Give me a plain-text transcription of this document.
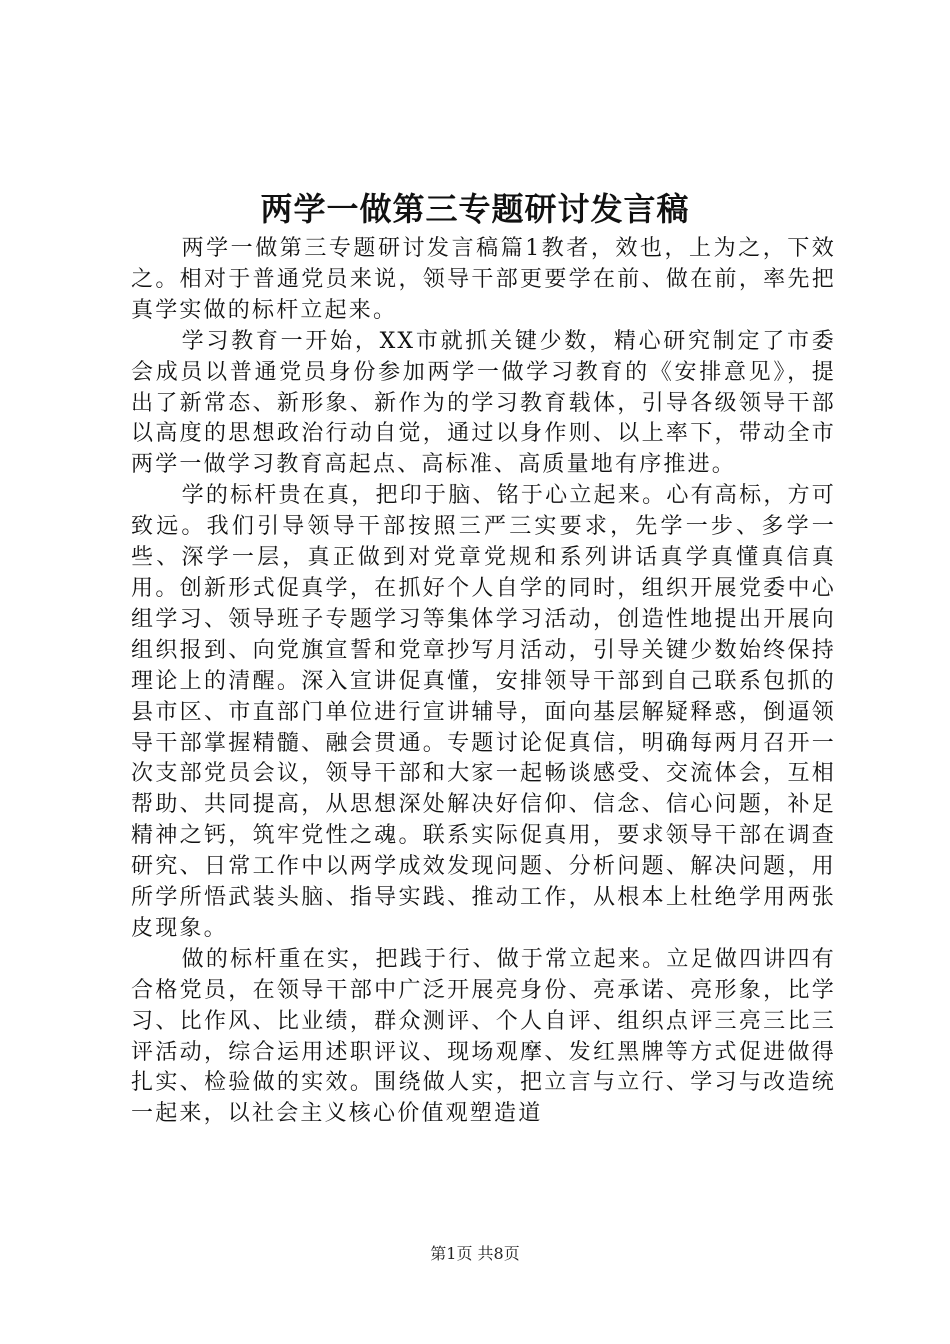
两学一做第三专题研讨发言稿

两学一做第三专题研讨发言稿篇1教者，效也，上为之，下效之。相对于普通党员来说，领导干部更要学在前、做在前，率先把真学实做的标杆立起来。

学习教育一开始，XX市就抓关键少数，精心研究制定了市委会成员以普通党员身份参加两学一做学习教育的《安排意见》，提出了新常态、新形象、新作为的学习教育载体，引导各级领导干部以高度的思想政治行动自觉，通过以身作则、以上率下，带动全市两学一做学习教育高起点、高标准、高质量地有序推进。

学的标杆贵在真，把印于脑、铭于心立起来。心有高标，方可致远。我们引导领导干部按照三严三实要求，先学一步、多学一些、深学一层，真正做到对党章党规和系列讲话真学真懂真信真用。创新形式促真学，在抓好个人自学的同时，组织开展党委中心组学习、领导班子专题学习等集体学习活动，创造性地提出开展向组织报到、向党旗宣誓和党章抄写月活动，引导关键少数始终保持理论上的清醒。深入宣讲促真懂，安排领导干部到自己联系包抓的县市区、市直部门单位进行宣讲辅导，面向基层解疑释惑，倒逼领导干部掌握精髓、融会贯通。专题讨论促真信，明确每两月召开一次支部党员会议，领导干部和大家一起畅谈感受、交流体会，互相帮助、共同提高，从思想深处解决好信仰、信念、信心问题，补足精神之钙，筑牢党性之魂。联系实际促真用，要求领导干部在调查研究、日常工作中以两学成效发现问题、分析问题、解决问题，用所学所悟武装头脑、指导实践、推动工作，从根本上杜绝学用两张皮现象。

做的标杆重在实，把践于行、做于常立起来。立足做四讲四有合格党员，在领导干部中广泛开展亮身份、亮承诺、亮形象，比学习、比作风、比业绩，群众测评、个人自评、组织点评三亮三比三评活动，综合运用述职评议、现场观摩、发红黑牌等方式促进做得扎实、检验做的实效。围绕做人实，把立言与立行、学习与改造统一起来，以社会主义核心价值观塑造道

第1页 共8页
